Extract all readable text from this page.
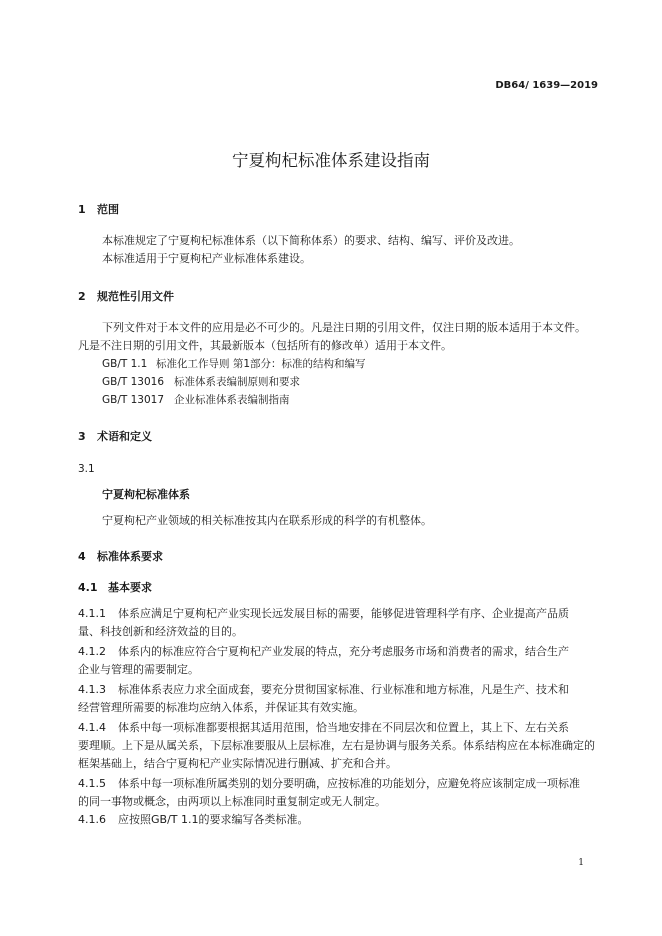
DB64/ 1639—2019
宁夏枸杞标准体系建设指南
1 范围
本标准规定了宁夏枸杞标准体系（以下简称体系）的要求、结构、编写、评价及改进。
本标准适用于宁夏枸杞产业标准体系建设。
2 规范性引用文件
下列文件对于本文件的应用是必不可少的。凡是注日期的引用文件，仅注日期的版本适用于本文件。
凡是不注日期的引用文件，其最新版本（包括所有的修改单）适用于本文件。
GB/T 1.1 标准化工作导则 第1部分：标准的结构和编写
GB/T 13016 标准体系表编制原则和要求
GB/T 13017 企业标准体系表编制指南
3 术语和定义
3.1
宁夏枸杞标准体系
宁夏枸杞产业领域的相关标准按其内在联系形成的科学的有机整体。
4 标准体系要求
4.1 基本要求
4.1.1 体系应满足宁夏枸杞产业实现长远发展目标的需要，能够促进管理科学有序、企业提高产品质
量、科技创新和经济效益的目的。
4.1.2 体系内的标准应符合宁夏枸杞产业发展的特点，充分考虑服务市场和消费者的需求，结合生产
企业与管理的需要制定。
4.1.3 标准体系表应力求全面成套，要充分贯彻国家标准、行业标准和地方标准，凡是生产、技术和
经营管理所需要的标准均应纳入体系，并保证其有效实施。
4.1.4 体系中每一项标准都要根据其适用范围，恰当地安排在不同层次和位置上，其上下、左右关系
要理顺。上下是从属关系，下层标准要服从上层标准，左右是协调与服务关系。体系结构应在本标准确定的框架基础上，结合宁夏枸杞产业实际情况进行删减、扩充和合并。
4.1.5 体系中每一项标准所属类别的划分要明确，应按标准的功能划分，应避免将应该制定成一项标准
的同一事物或概念，由两项以上标准同时重复制定或无人制定。
4.1.6 应按照GB/T 1.1的要求编写各类标准。
1
